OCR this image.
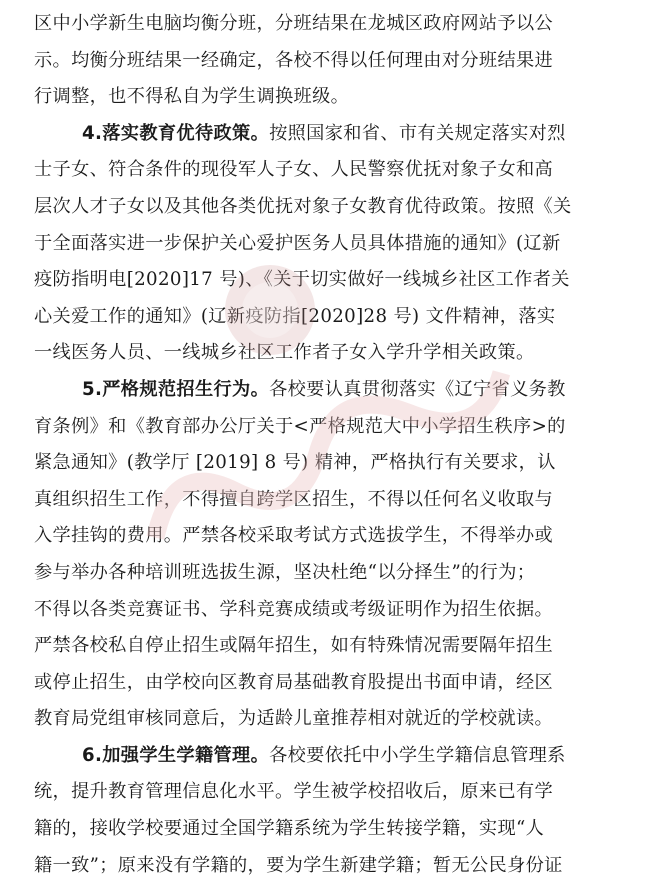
区中小学新生电脑均衡分班，分班结果在龙城区政府网站予以公
示。均衡分班结果一经确定，各校不得以任何理由对分班结果进
行调整，也不得私自为学生调换班级。
4.落实教育优待政策。按照国家和省、市有关规定落实对烈
士子女、符合条件的现役军人子女、人民警察优抚对象子女和高
层次人才子女以及其他各类优抚对象子女教育优待政策。按照《关
于全面落实进一步保护关心爱护医务人员具体措施的通知》(辽新
疫防指明电[2020]17 号)、《关于切实做好一线城乡社区工作者关
心关爱工作的通知》(辽新疫防指[2020]28 号) 文件精神，落实
一线医务人员、一线城乡社区工作者子女入学升学相关政策。
5.严格规范招生行为。各校要认真贯彻落实《辽宁省义务教
育条例》和《教育部办公厅关于<严格规范大中小学招生秩序>的
紧急通知》(教学厅 [2019] 8 号) 精神，严格执行有关要求，认
真组织招生工作，不得擅自跨学区招生，不得以任何名义收取与
入学挂钩的费用。严禁各校采取考试方式选拔学生，不得举办或
参与举办各种培训班选拔生源，坚决杜绝“以分择生”的行为；
不得以各类竞赛证书、学科竞赛成绩或考级证明作为招生依据。
严禁各校私自停止招生或隔年招生，如有特殊情况需要隔年招生
或停止招生，由学校向区教育局基础教育股提出书面申请，经区
教育局党组审核同意后，为适龄儿童推荐相对就近的学校就读。
6.加强学生学籍管理。各校要依托中小学生学籍信息管理系
统，提升教育管理信息化水平。学生被学校招收后，原来已有学
籍的，接收学校要通过全国学籍系统为学生转接学籍，实现“人
籍一致”；原来没有学籍的，要为学生新建学籍；暂无公民身份证
